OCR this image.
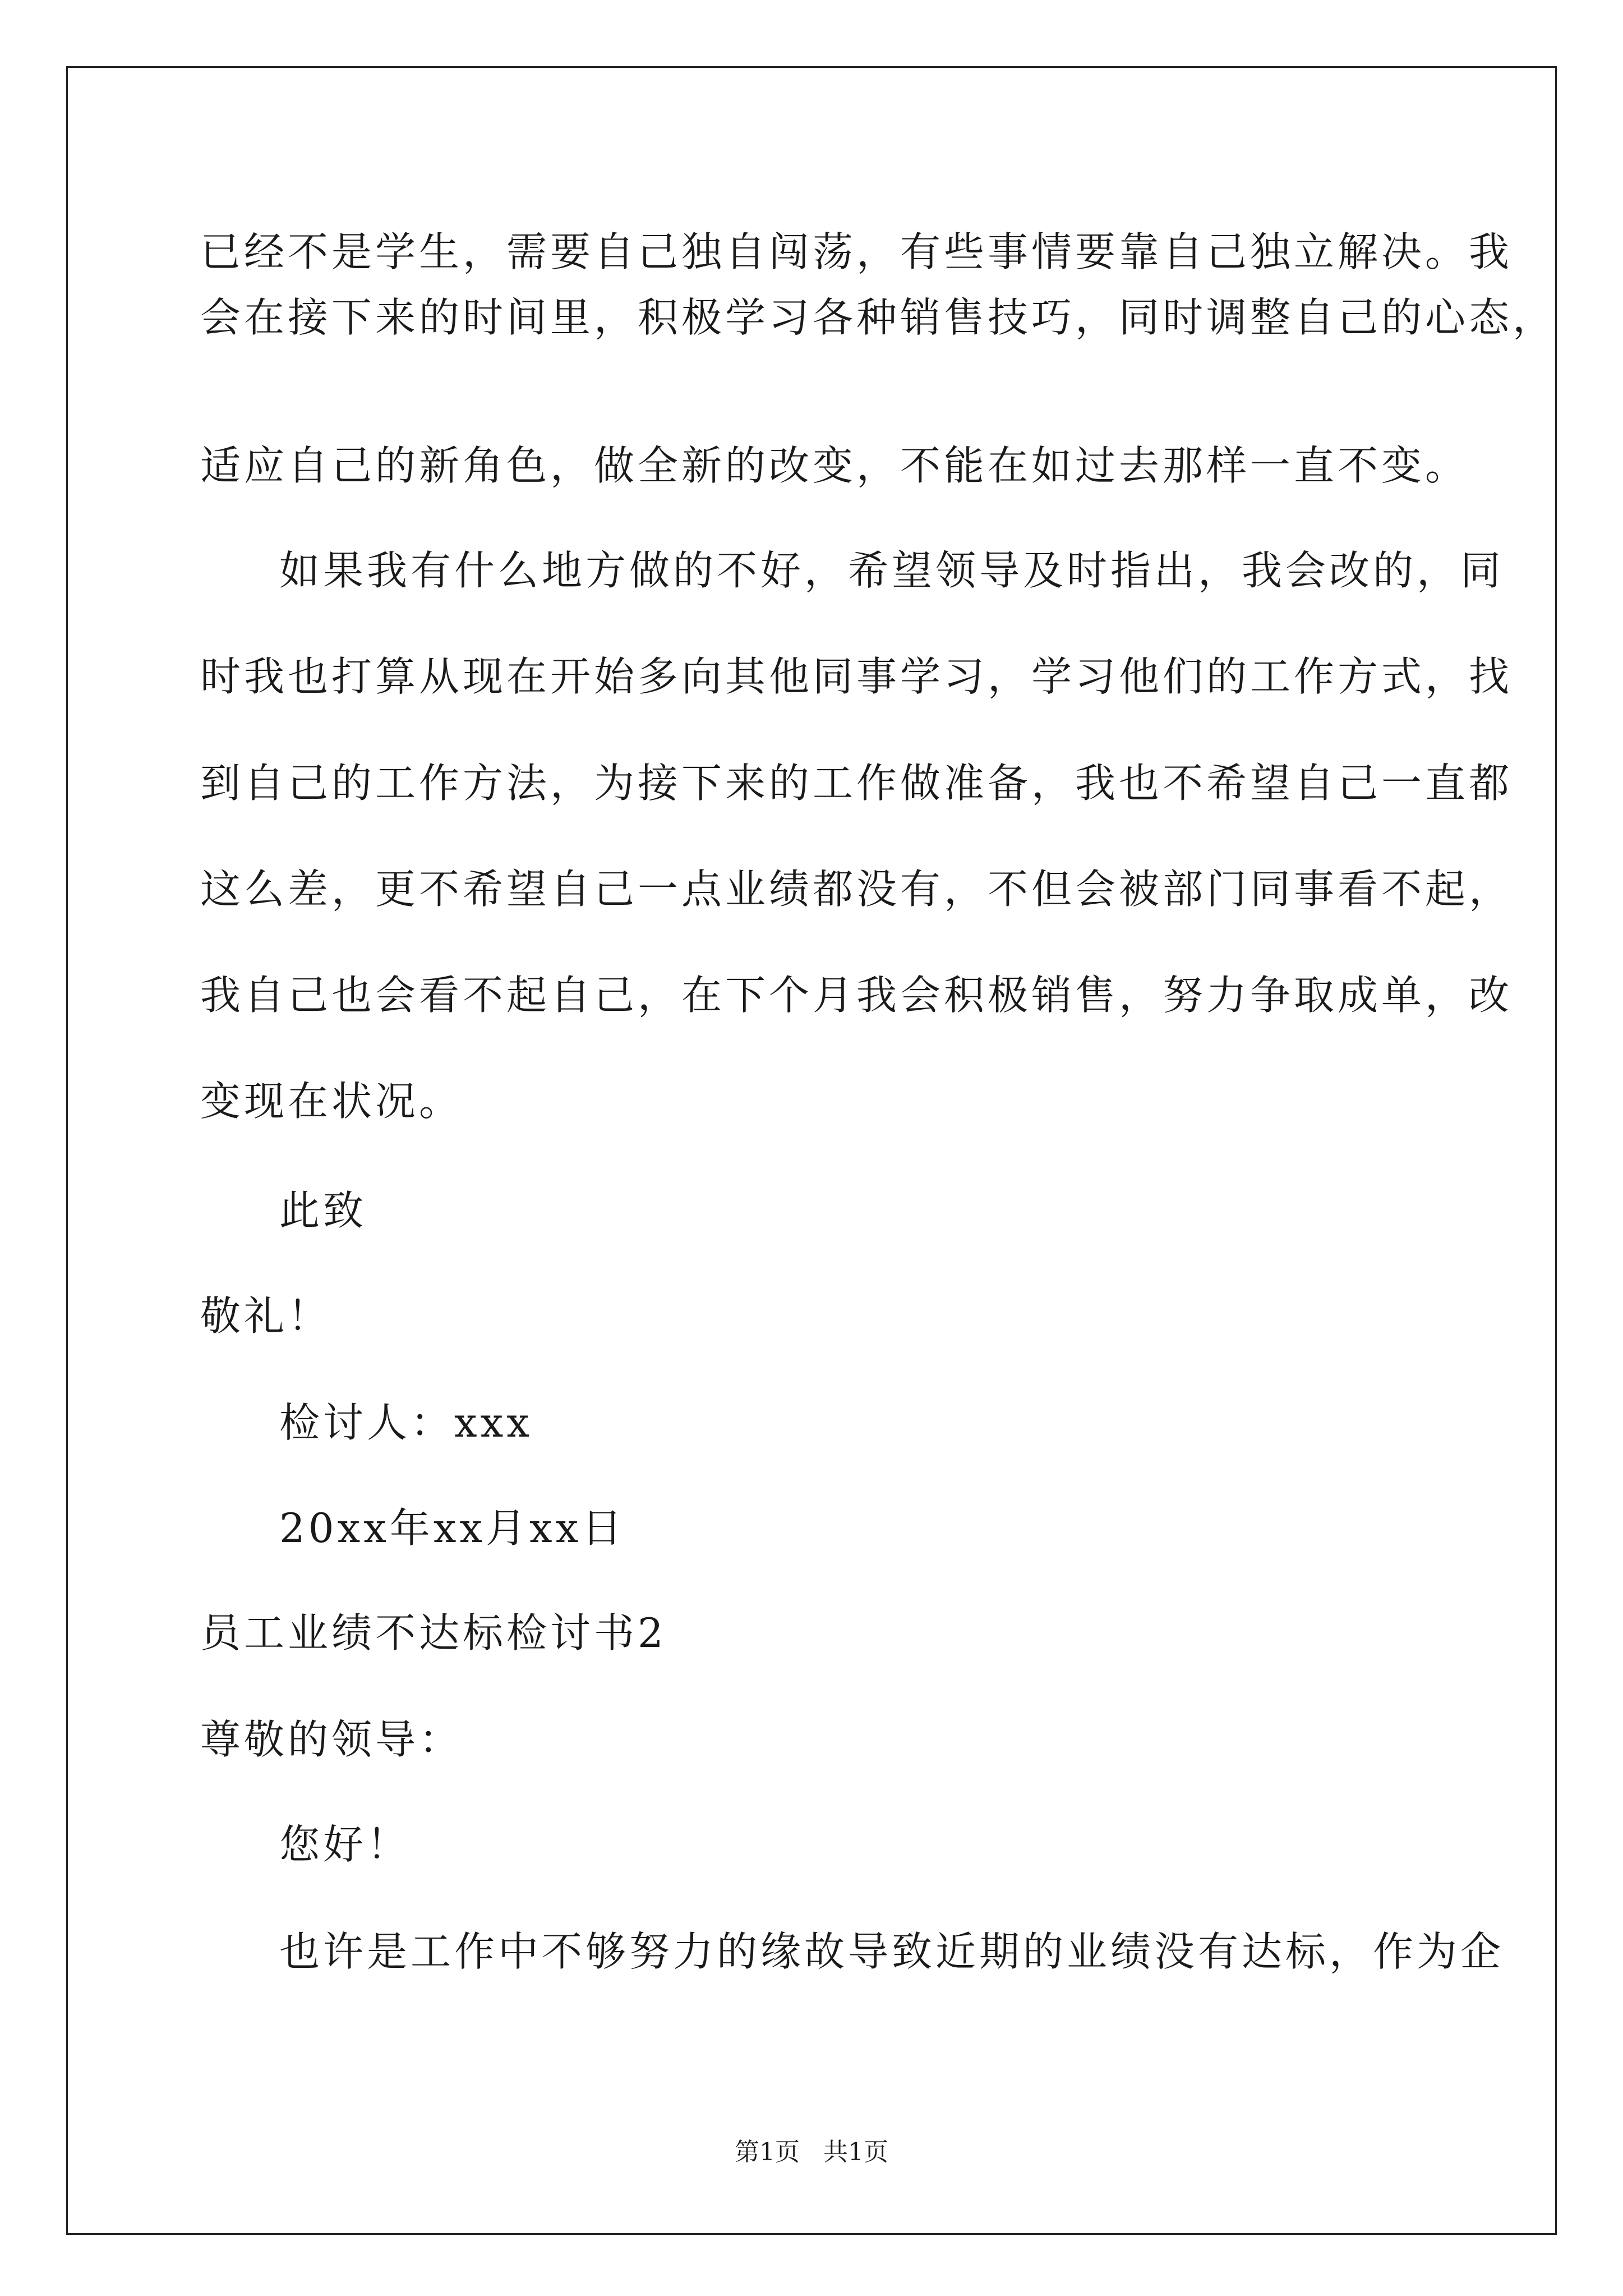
已经不是学生，需要自己独自闯荡，有些事情要靠自己独立解决。我
会在接下来的时间里，积极学习各种销售技巧，同时调整自己的心态，
适应自己的新角色，做全新的改变，不能在如过去那样一直不变。
如果我有什么地方做的不好，希望领导及时指出，我会改的，同
时我也打算从现在开始多向其他同事学习，学习他们的工作方式，找
到自己的工作方法，为接下来的工作做准备，我也不希望自己一直都
这么差，更不希望自己一点业绩都没有，不但会被部门同事看不起，
我自己也会看不起自己，在下个月我会积极销售，努力争取成单，改
变现在状况。
此致
敬礼！
检讨人：xxx
20xx年xx月xx日
员工业绩不达标检讨书2
尊敬的领导：
您好！
也许是工作中不够努力的缘故导致近期的业绩没有达标，作为企
第1页   共1页
